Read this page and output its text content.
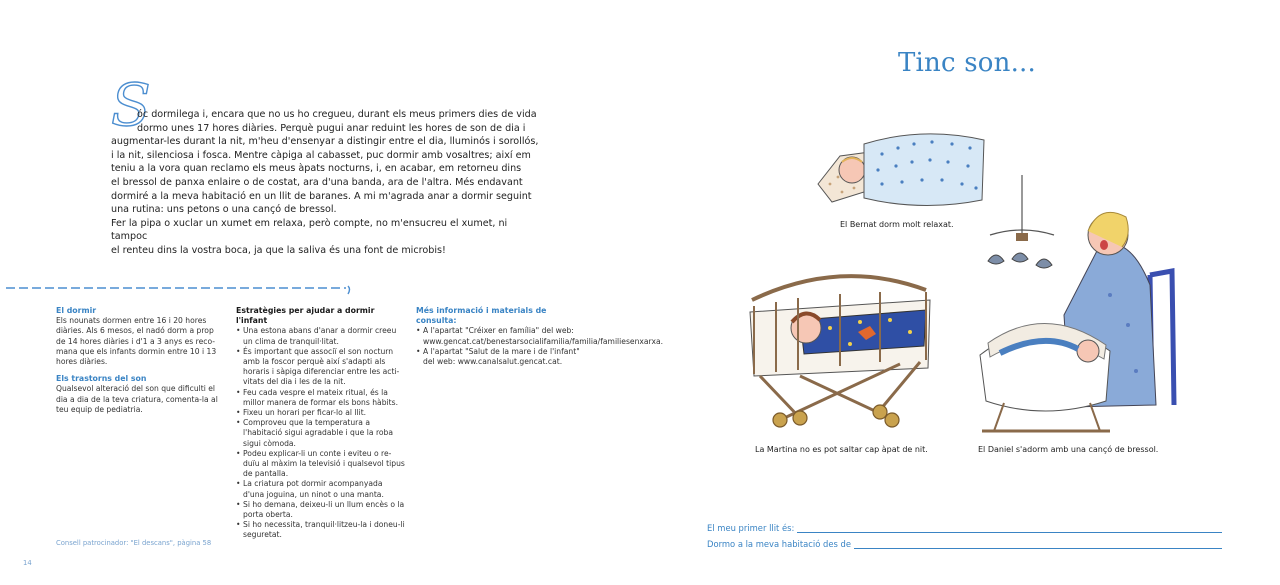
Tinc son...
S

óc dormilega i, encara que no us ho cregueu, durant els meus primers dies de vida

dormo unes 17 hores diàries. Perquè pugui anar reduint les hores de son de dia i

augmentar-les durant la nit, m'heu d'ensenyar a distingir entre el dia, lluminós i sorollós,

i la nit, silenciosa i fosca. Mentre càpiga al cabasset, puc dormir amb vosaltres; així em

teniu a la vora quan reclamo els meus àpats nocturns, i, en acabar, em retorneu dins

el bressol de panxa enlaire o de costat, ara d'una banda, ara de l'altra. Més endavant

dormiré a la meva habitació en un llit de baranes. A mi m'agrada anar a dormir seguint

una rutina: uns petons o una cançó de bressol.

Fer la pipa o xuclar un xumet em relaxa, però compte, no m'ensucreu el xumet, ni tampoc

el renteu dins la vostra boca, ja que la saliva és una font de microbis!

El dormir
Els nounats dormen entre 16 i 20 hores diàries. Als 6 mesos, el nadó dorm a prop de 14 hores diàries i d'1 a 3 anys es reco-mana que els infants dormin entre 10 i 13 hores diàries.
Els trastorns del son
Qualsevol alteració del son que dificulti el dia a dia de la teva criatura, comenta-la al teu equip de pediatria.
Estratègies per ajudar a dormir l'infant
• Una estona abans d'anar a dormir creeu un clima de tranquil·litat.
• És important que associï el son nocturn amb la foscor perquè així s'adapti als horaris i sàpiga diferenciar entre les acti-vitats del dia i les de la nit.
• Feu cada vespre el mateix ritual, és la millor manera de formar els bons hàbits.
• Fixeu un horari per ficar-lo al llit.
• Comproveu que la temperatura a l'habitació sigui agradable i que la roba sigui còmoda.
• Podeu explicar-li un conte i eviteu o re-duïu al màxim la televisió i qualsevol tipus de pantalla.
• La criatura pot dormir acompanyada d'una joguina, un ninot o una manta.
• Si ho demana, deixeu-li un llum encès o la porta oberta.
• Si ho necessita, tranquil·litzeu-la i doneu-li seguretat.
Més informació i materials de consulta:
• A l'apartat "Créixer en família" del web: www.gencat.cat/benestarsocialifamilia/familia/familiesenxarxa.
• A l'apartat "Salut de la mare i de l'infant" del web: www.canalsalut.gencat.cat.
Consell patrocinador: "El descans", pàgina 58
14
El Bernat dorm molt relaxat.
La Martina no es pot saltar cap àpat de nit.	El Daniel s'adorm amb una cançó de bressol.
El meu primer llit és:
Dormo a la meva habitació des de
